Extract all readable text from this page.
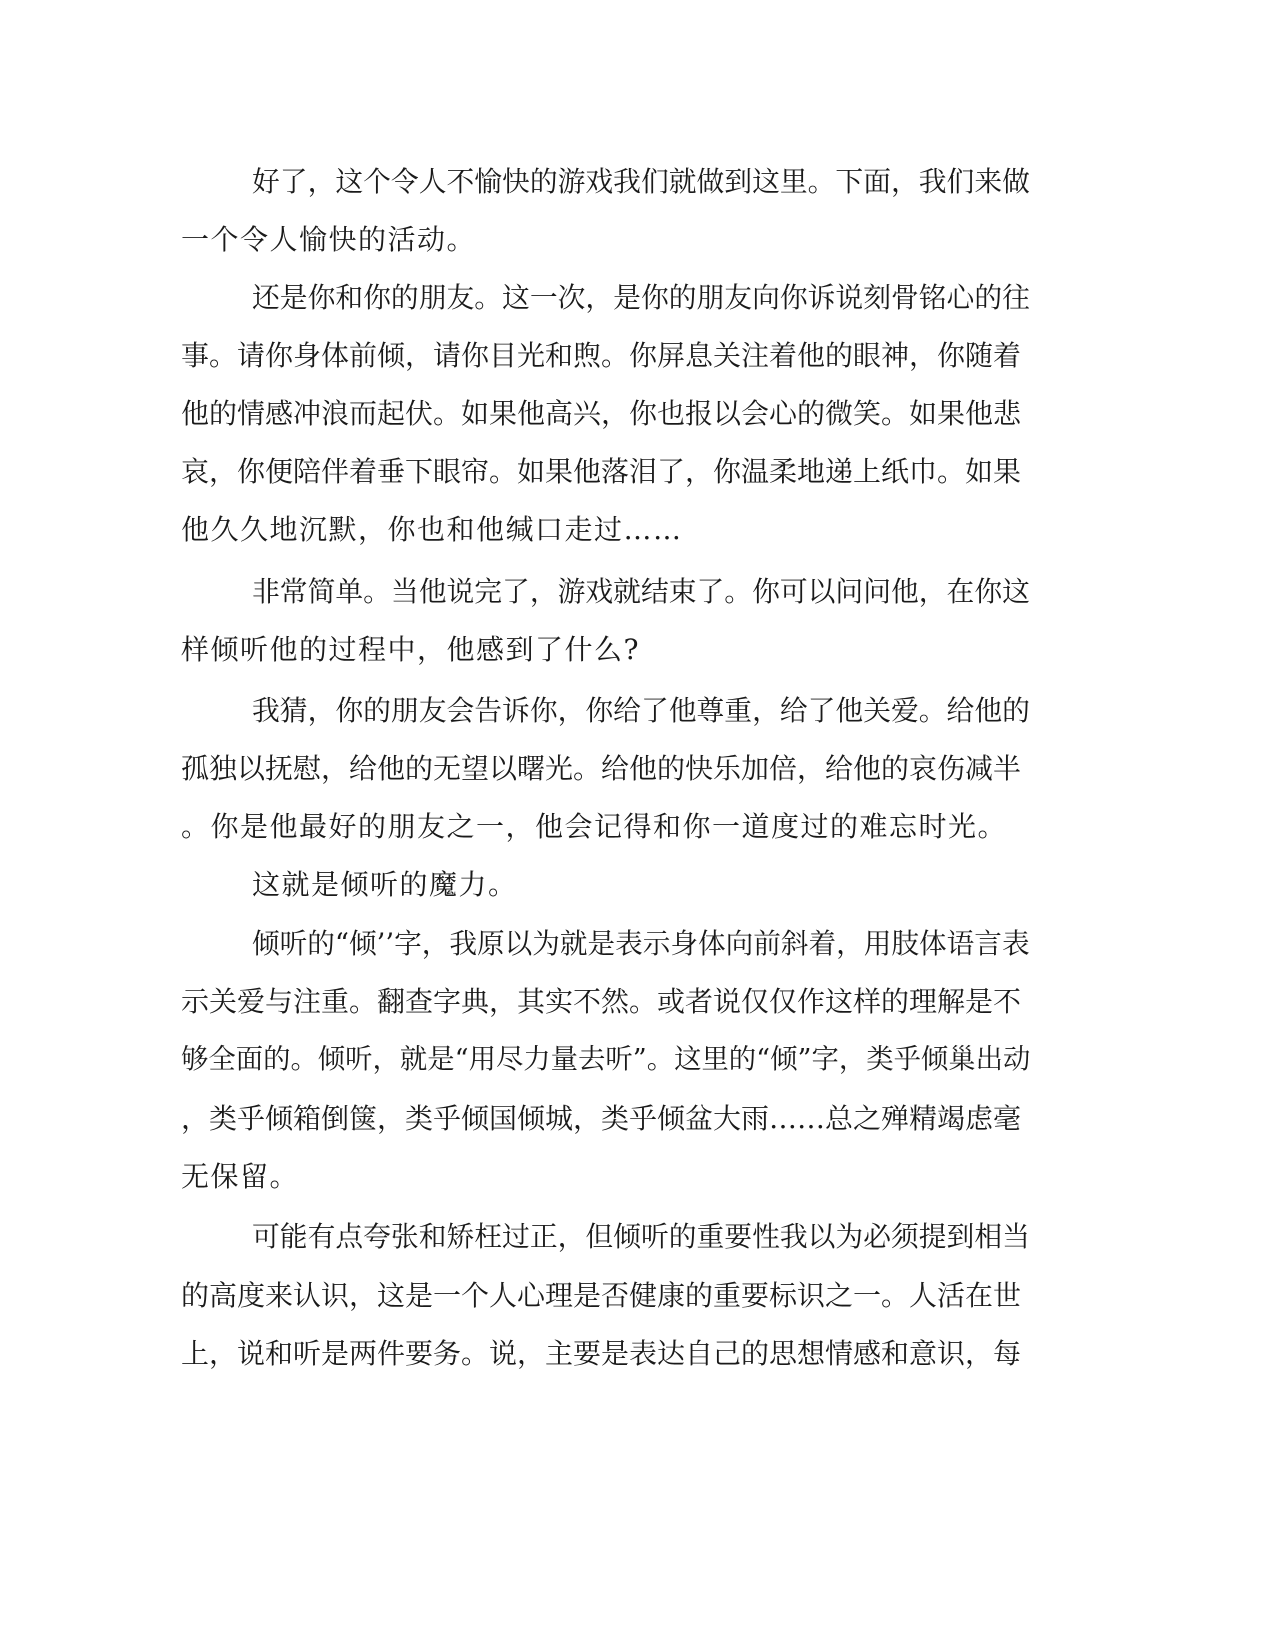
好了，这个令人不愉快的游戏我们就做到这里。下面，我们来做

一个令人愉快的活动。

还是你和你的朋友。这一次，是你的朋友向你诉说刻骨铭心的往

事。请你身体前倾，请你目光和煦。你屏息关注着他的眼神，你随着

他的情感冲浪而起伏。如果他高兴，你也报以会心的微笑。如果他悲

哀，你便陪伴着垂下眼帘。如果他落泪了，你温柔地递上纸巾。如果

他久久地沉默，你也和他缄口走过……

非常简单。当他说完了，游戏就结束了。你可以问问他，在你这

样倾听他的过程中，他感到了什么?

我猜，你的朋友会告诉你，你给了他尊重，给了他关爱。给他的

孤独以抚慰，给他的无望以曙光。给他的快乐加倍，给他的哀伤减半

。你是他最好的朋友之一，他会记得和你一道度过的难忘时光。

这就是倾听的魔力。

倾听的“倾’’字，我原以为就是表示身体向前斜着，用肢体语言表

示关爱与注重。翻查字典，其实不然。或者说仅仅作这样的理解是不

够全面的。倾听，就是“用尽力量去听”。这里的“倾”字，类乎倾巢出动

，类乎倾箱倒箧，类乎倾国倾城，类乎倾盆大雨……总之殚精竭虑毫

无保留。

可能有点夸张和矫枉过正，但倾听的重要性我以为必须提到相当

的高度来认识，这是一个人心理是否健康的重要标识之一。人活在世

上，说和听是两件要务。说，主要是表达自己的思想情感和意识，每
